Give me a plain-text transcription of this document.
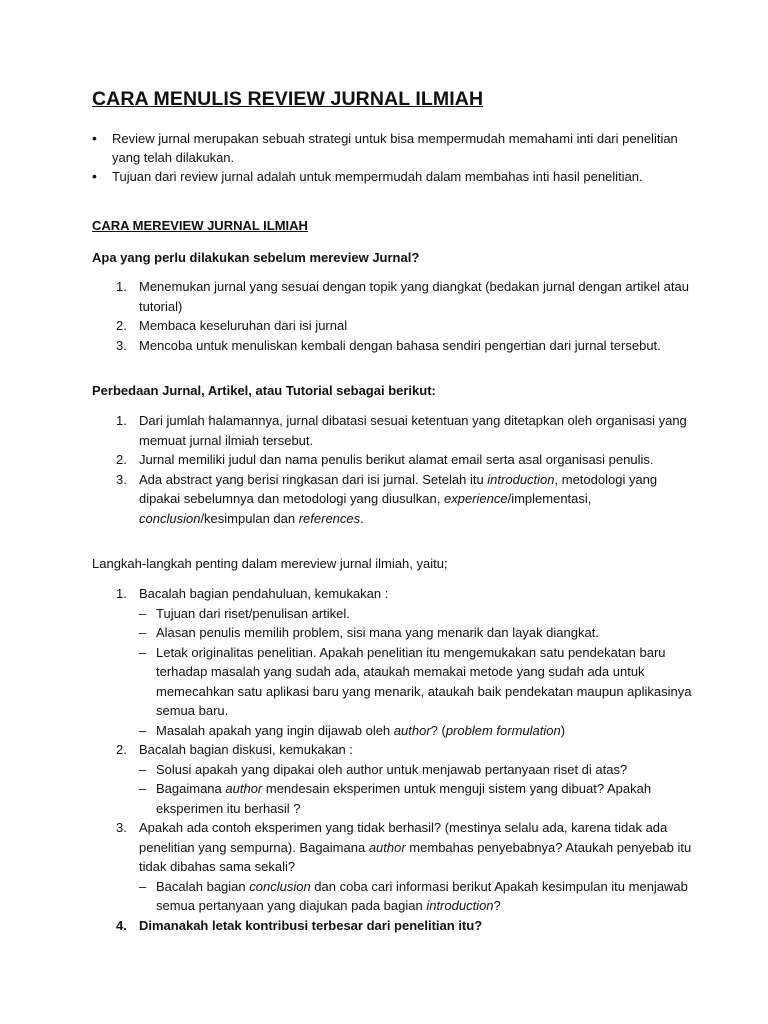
CARA MENULIS REVIEW JURNAL ILMIAH
• Review jurnal merupakan sebuah strategi untuk bisa mempermudah memahami inti dari penelitian yang telah dilakukan.
• Tujuan dari review jurnal adalah untuk mempermudah dalam membahas inti hasil penelitian.

CARA MEREVIEW JURNAL ILMIAH

Apa yang perlu dilakukan sebelum mereview Jurnal?

1. Menemukan jurnal yang sesuai dengan topik yang diangkat (bedakan jurnal dengan artikel atau tutorial)
2. Membaca keseluruhan dari isi jurnal
3. Mencoba untuk menuliskan kembali dengan bahasa sendiri pengertian dari jurnal tersebut.

Perbedaan Jurnal, Artikel, atau Tutorial sebagai berikut:

1. Dari jumlah halamannya, jurnal dibatasi sesuai ketentuan yang ditetapkan oleh organisasi yang memuat jurnal ilmiah tersebut.
2. Jurnal memiliki judul dan nama penulis berikut alamat email serta asal organisasi penulis.
3. Ada abstract yang berisi ringkasan dari isi jurnal. Setelah itu introduction, metodologi yang dipakai sebelumnya dan metodologi yang diusulkan, experience/implementasi, conclusion/kesimpulan dan references.

Langkah-langkah penting dalam mereview jurnal ilmiah, yaitu;

1. Bacalah bagian pendahuluan, kemukakan :
– Tujuan dari riset/penulisan artikel.
– Alasan penulis memilih problem, sisi mana yang menarik dan layak diangkat.
– Letak originalitas penelitian. Apakah penelitian itu mengemukakan satu pendekatan baru terhadap masalah yang sudah ada, ataukah memakai metode yang sudah ada untuk memecahkan satu aplikasi baru yang menarik, ataukah baik pendekatan maupun aplikasinya semua baru.
– Masalah apakah yang ingin dijawab oleh author? (problem formulation)
2. Bacalah bagian diskusi, kemukakan :
– Solusi apakah yang dipakai oleh author untuk menjawab pertanyaan riset di atas?
– Bagaimana author mendesain eksperimen untuk menguji sistem yang dibuat? Apakah eksperimen itu berhasil ?
3. Apakah ada contoh eksperimen yang tidak berhasil? (mestinya selalu ada, karena tidak ada penelitian yang sempurna). Bagaimana author membahas penyebabnya? Ataukah penyebab itu tidak dibahas sama sekali?
– Bacalah bagian conclusion dan coba cari informasi berikut Apakah kesimpulan itu menjawab semua pertanyaan yang diajukan pada bagian introduction?
4. Dimanakah letak kontribusi terbesar dari penelitian itu?
